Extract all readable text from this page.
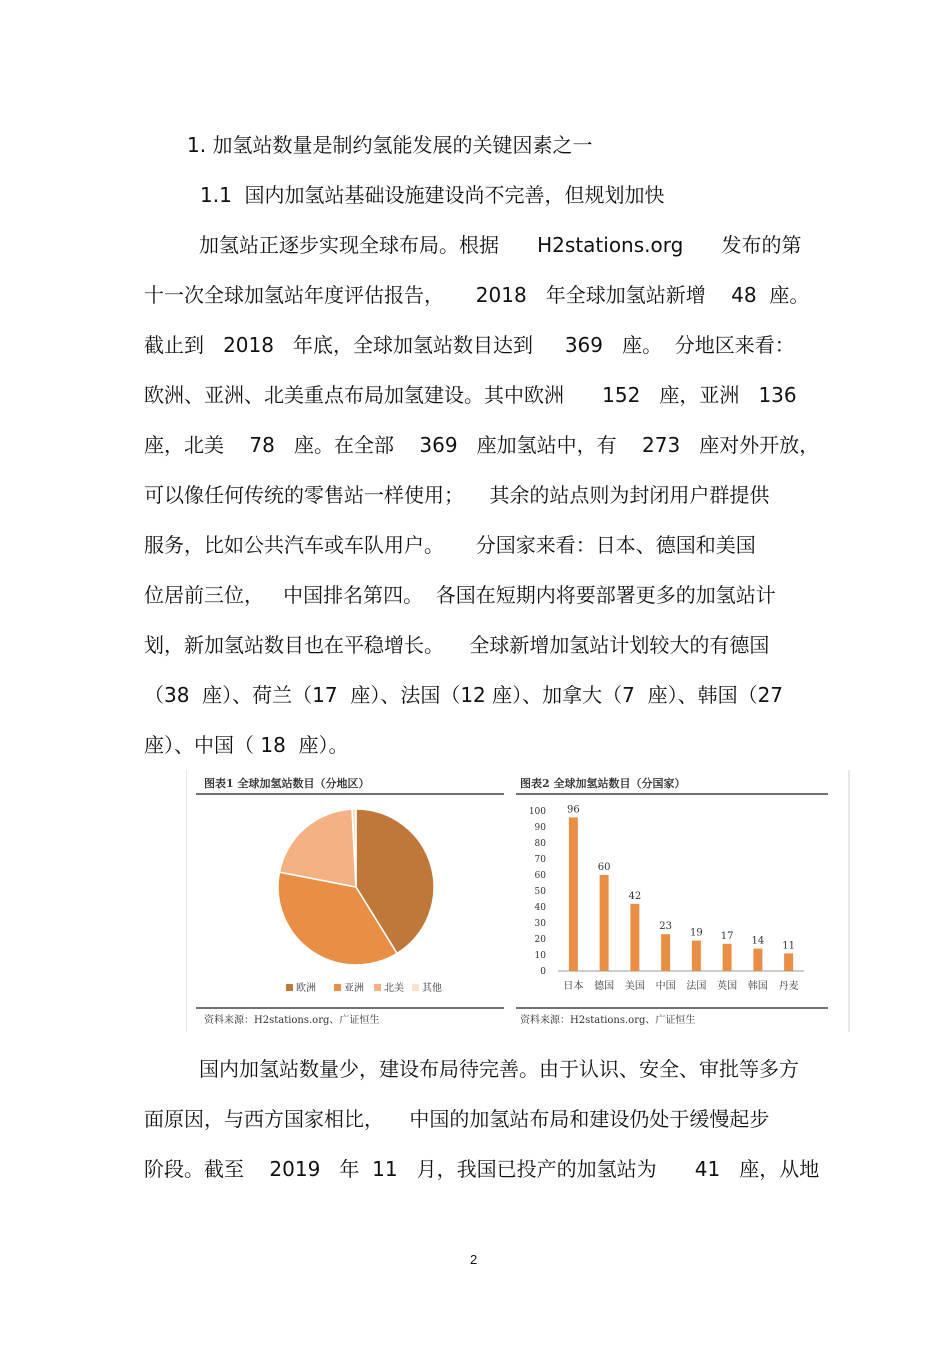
1. 加氢站数量是制约氢能发展的关键因素之一
1.1  国内加氢站基础设施建设尚不完善，但规划加快
加氢站正逐步实现全球布局。根据      H2stations.org      发布的第
十一次全球加氢站年度评估报告，     2018   年全球加氢站新增    48  座。
截止到   2018   年底，全球加氢站数目达到     369   座。  分地区来看：
欧洲、亚洲、北美重点布局加氢建设。其中欧洲      152   座，亚洲   136
座，北美    78   座。在全部    369   座加氢站中，有    273   座对外开放，
可以像任何传统的零售站一样使用；    其余的站点则为封闭用户群提供
服务，比如公共汽车或车队用户。     分国家来看：日本、德国和美国
位居前三位，   中国排名第四。  各国在短期内将要部署更多的加氢站计
划，新加氢站数目也在平稳增长。    全球新增加氢站计划较大的有德国
（38  座）、荷兰（17  座）、法国（12 座）、加拿大（7  座）、韩国（27
座）、中国（ 18  座）。
图表1 全球加氢站数目（分地区）	图表2 全球加氢站数目（分国家）
欧洲	亚洲 北美 其他
0
10
20
30
40
50
60
70
80
90
100 96
日本
60
德国
42
美国
23
中国
19
法国
17
英国
14
韩国
11
丹麦
资料来源：H2stations.org、广证恒生	资料来源：H2stations.org、广证恒生
国内加氢站数量少，建设布局待完善。由于认识、安全、审批等多方
面原因，与西方国家相比，    中国的加氢站布局和建设仍处于缓慢起步
阶段。截至    2019   年  11   月，我国已投产的加氢站为      41   座，从地
2
